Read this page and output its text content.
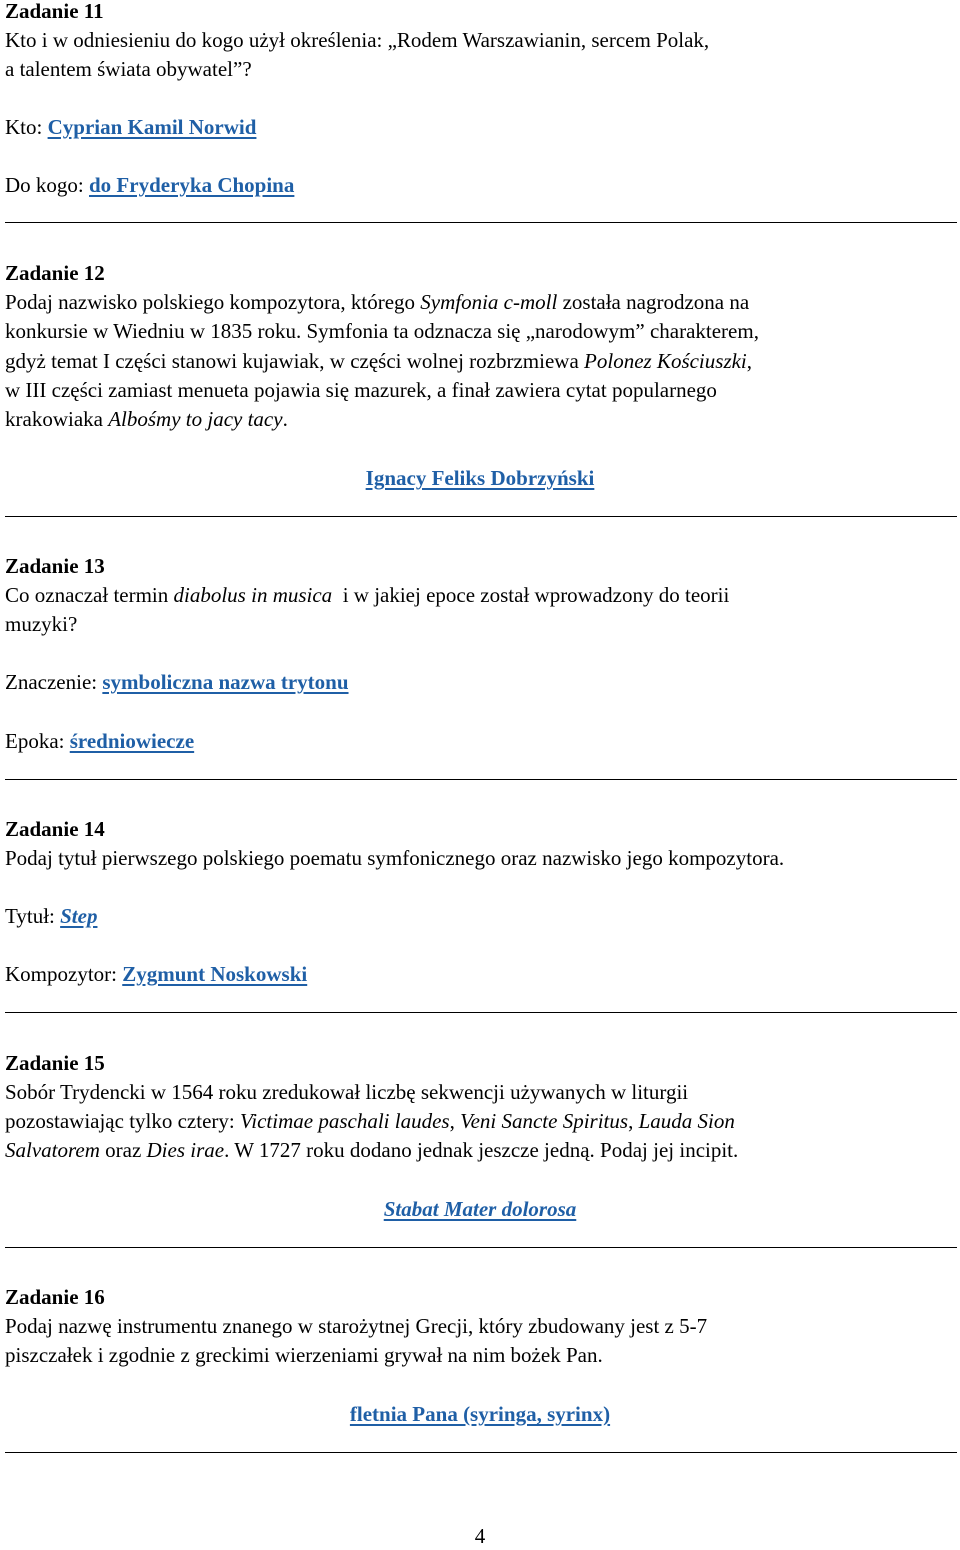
Zadanie 11
Kto i w odniesieniu do kogo użył określenia: „Rodem Warszawianin, sercem Polak,
a talentem świata obywatel”?
Kto: Cyprian Kamil Norwid
Do kogo: do Fryderyka Chopina
Zadanie 12
Podaj nazwisko polskiego kompozytora, którego Symfonia c-moll została nagrodzona na
konkursie w Wiedniu w 1835 roku. Symfonia ta odznacza się „narodowym” charakterem,
gdyż temat I części stanowi kujawiak, w części wolnej rozbrzmiewa Polonez Kościuszki,
w III części zamiast menueta pojawia się mazurek, a finał zawiera cytat popularnego
krakowiaka Albośmy to jacy tacy.
Ignacy Feliks Dobrzyński
Zadanie 13
Co oznaczał termin diabolus in musica  i w jakiej epoce został wprowadzony do teorii
muzyki?
Znaczenie: symboliczna nazwa trytonu
Epoka: średniowiecze
Zadanie 14
Podaj tytuł pierwszego polskiego poematu symfonicznego oraz nazwisko jego kompozytora.
Tytuł: Step
Kompozytor: Zygmunt Noskowski
Zadanie 15
Sobór Trydencki w 1564 roku zredukował liczbę sekwencji używanych w liturgii
pozostawiając tylko cztery: Victimae paschali laudes, Veni Sancte Spiritus, Lauda Sion
Salvatorem oraz Dies irae. W 1727 roku dodano jednak jeszcze jedną. Podaj jej incipit.
Stabat Mater dolorosa
Zadanie 16
Podaj nazwę instrumentu znanego w starożytnej Grecji, który zbudowany jest z 5-7
piszczałek i zgodnie z greckimi wierzeniami grywał na nim bożek Pan.
fletnia Pana (syringa, syrinx)
4
